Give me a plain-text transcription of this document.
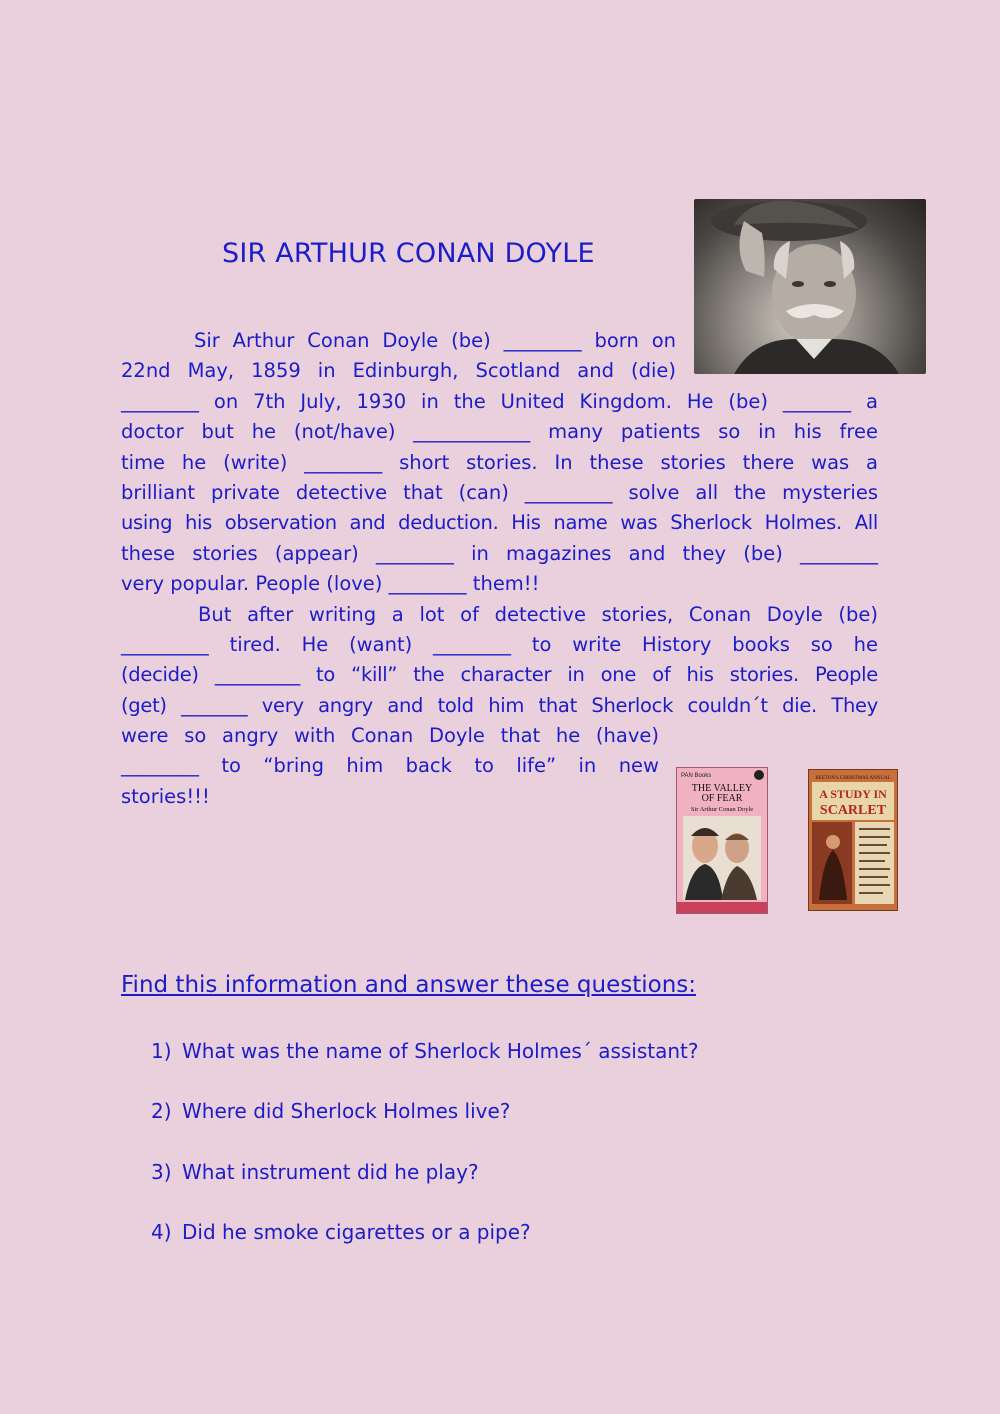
SIR ARTHUR CONAN DOYLE
Sir Arthur Conan Doyle (be) ________ born on
22nd May, 1859 in Edinburgh, Scotland and (die)
________ on 7th July, 1930 in the United Kingdom. He (be) _______ a
doctor but he (not/have) ____________ many patients so in his free
time he (write) ________ short stories. In these stories there was a
brilliant private detective that (can) _________ solve all the mysteries
using his observation and deduction. His name was Sherlock Holmes. All
these stories (appear) ________ in magazines and they (be) ________
very popular. People (love) ________ them!!
But after writing a lot of detective stories, Conan Doyle (be)
_________ tired. He (want) ________ to write History books so he
(decide) _________ to “kill” the character in one of his stories. People
(get) _______ very angry and told him that Sherlock couldn´t die. They
were so angry with Conan Doyle that he (have)
________ to “bring him back to life” in new
stories!!!
PAN Books
THE VALLEY
OF FEAR
Sir Arthur Conan Doyle
BEETON'S CHRISTMAS ANNUAL
A STUDY IN
SCARLET
Find this information and answer these questions:
1) What was the name of Sherlock Holmes´ assistant?
2) Where did Sherlock Holmes live?
3) What instrument did he play?
4) Did he smoke cigarettes or a pipe?
